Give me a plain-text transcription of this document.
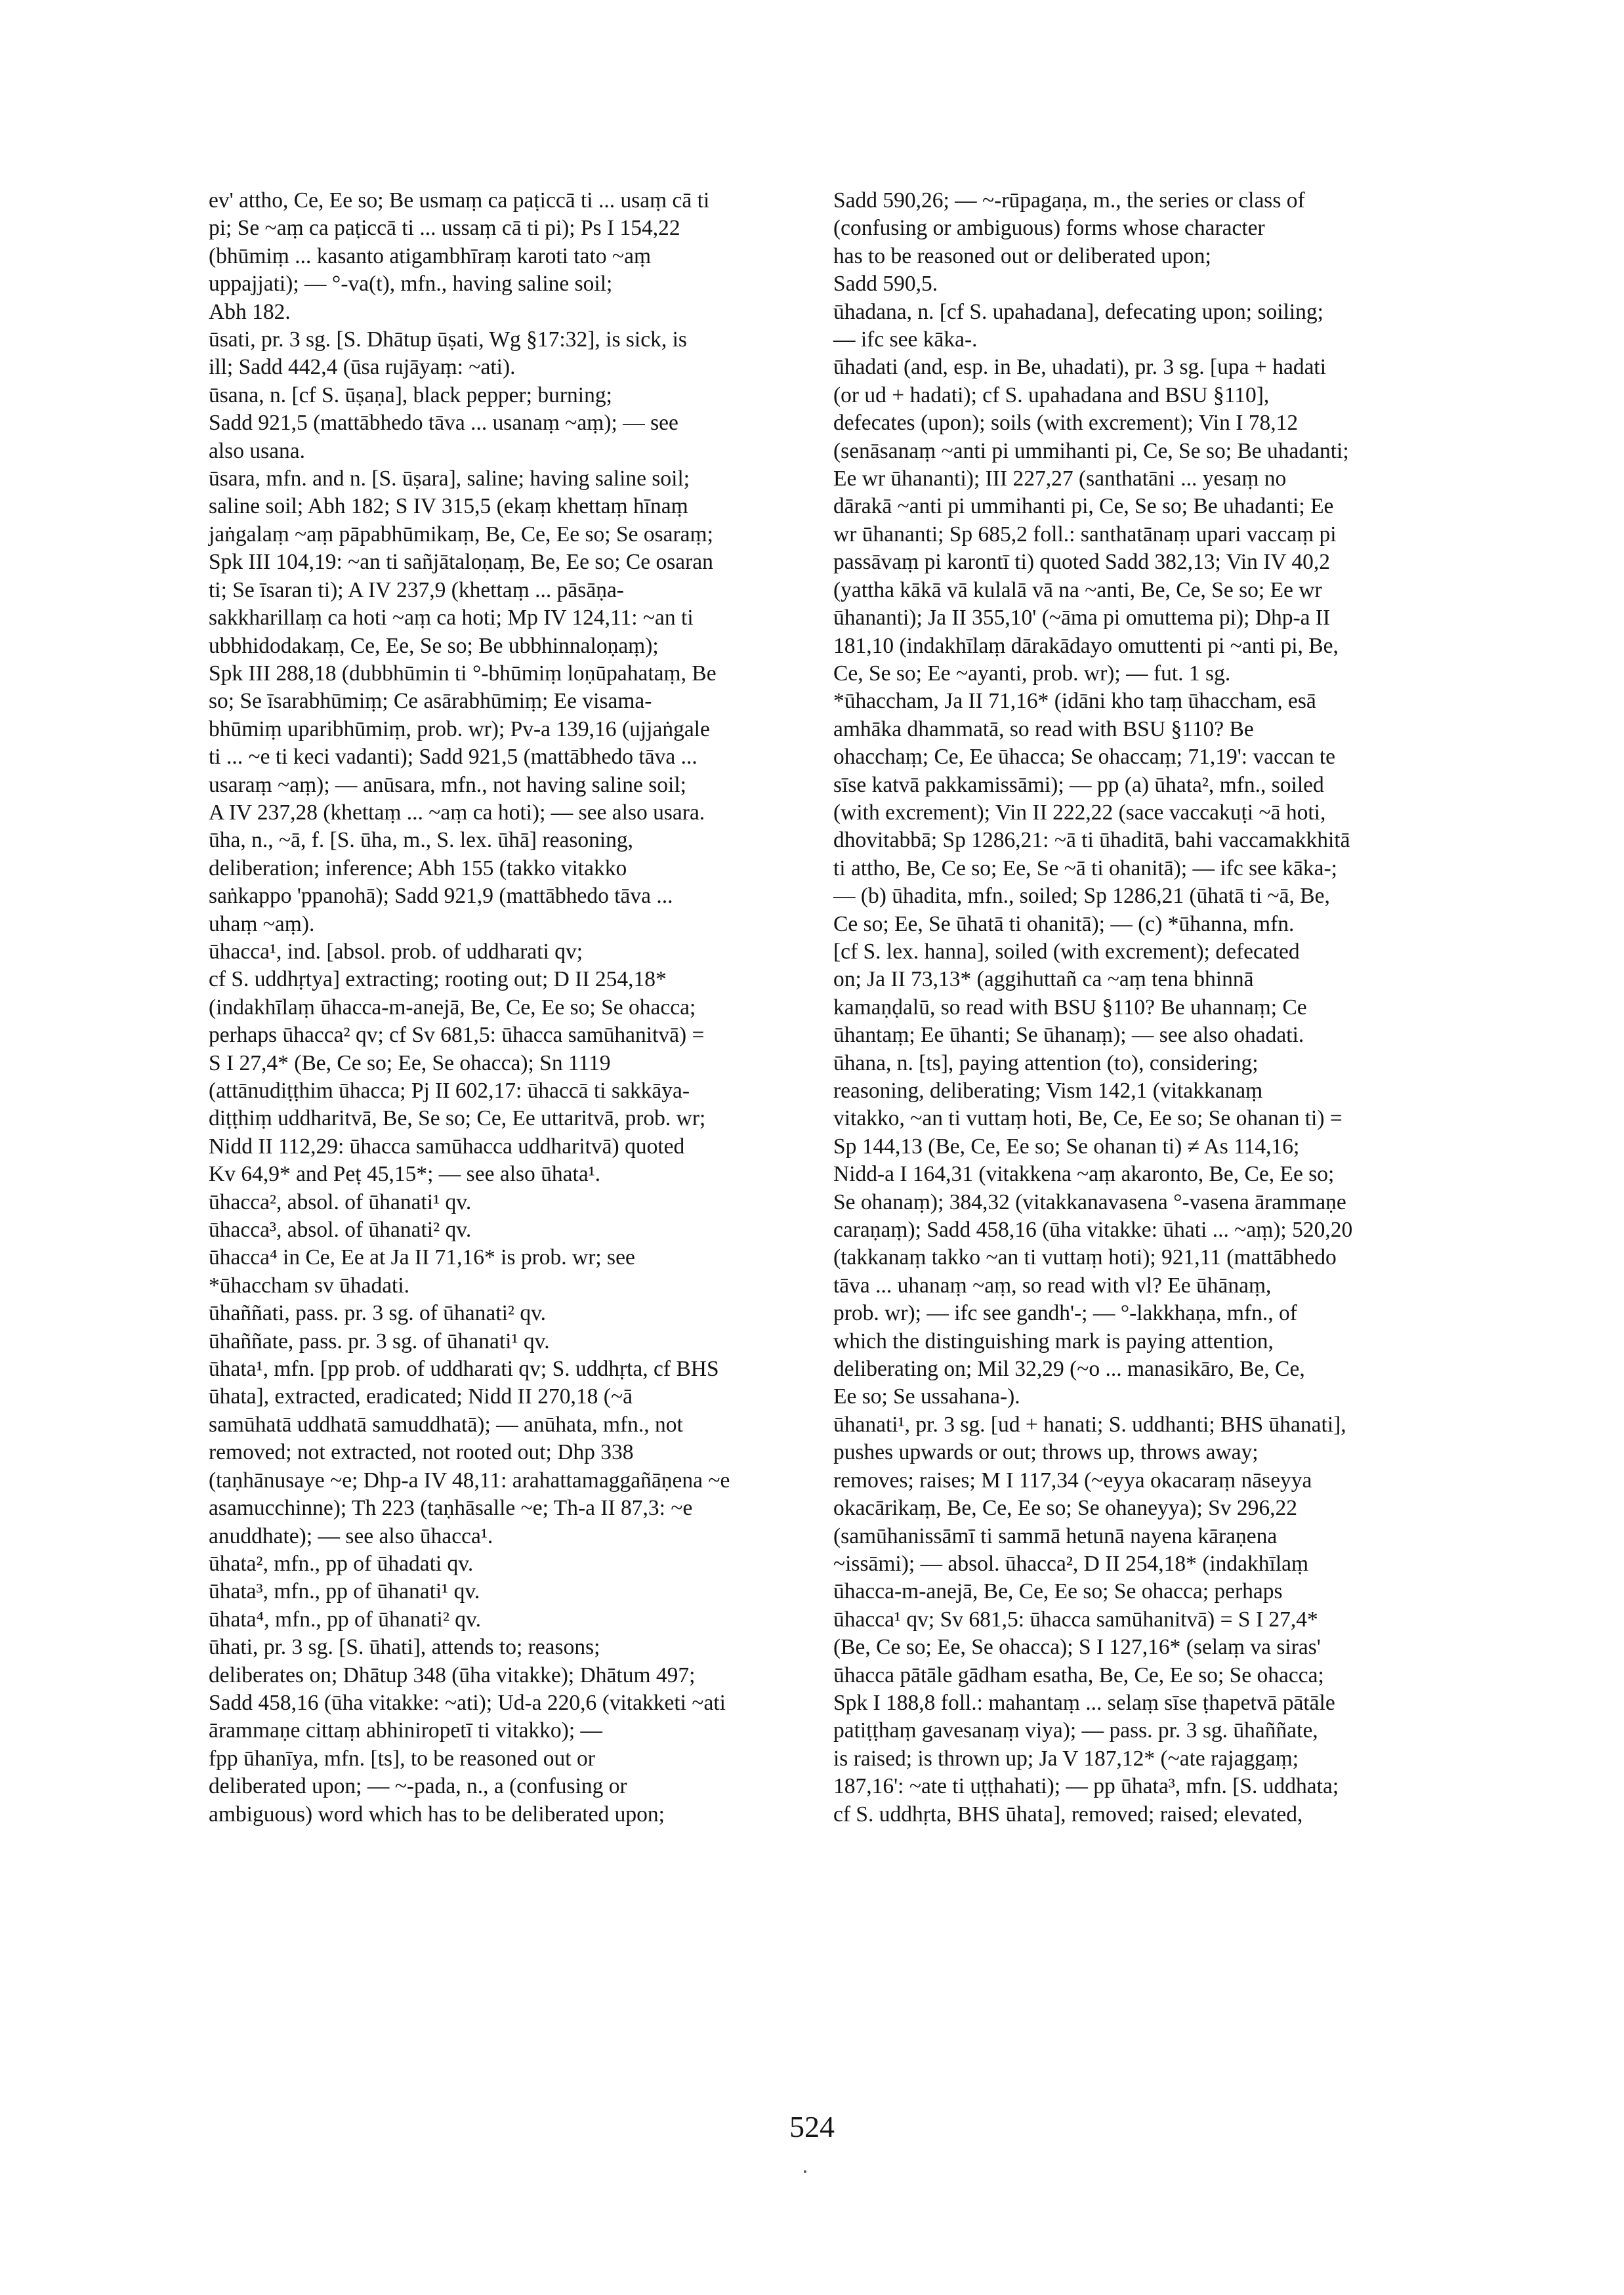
ev' attho, Ce, Ee so; Be usmaṃ ca paṭiccā ti ... usaṃ cā ti
pi; Se ~aṃ ca paṭiccā ti ... ussaṃ cā ti pi); Ps I 154,22
(bhūmiṃ ... kasanto atigambhīraṃ karoti tato ~aṃ
uppajjati); — °-va(t), mfn., having saline soil;
Abh 182.

ūsati, pr. 3 sg. [S. Dhātup ūṣati, Wg §17:32], is sick, is
ill; Sadd 442,4 (ūsa rujāyaṃ: ~ati).

ūsana, n. [cf S. ūṣaṇa], black pepper; burning;
Sadd 921,5 (mattābhedo tāva ... usanaṃ ~aṃ); — see
also usana.

ūsara, mfn. and n. [S. ūṣara], saline; having saline soil;
saline soil; Abh 182; S IV 315,5 (ekaṃ khettaṃ hīnaṃ
jaṅgalaṃ ~aṃ pāpabhūmikaṃ, Be, Ce, Ee so; Se osaraṃ;
Spk III 104,19: ~an ti sañjātaloṇaṃ, Be, Ee so; Ce osaran
ti; Se īsaran ti); A IV 237,9 (khettaṃ ... pāsāṇa-
sakkharillaṃ ca hoti ~aṃ ca hoti; Mp IV 124,11: ~an ti
ubbhidodakaṃ, Ce, Ee, Se so; Be ubbhinnaloṇaṃ);
Spk III 288,18 (dubbhūmin ti °-bhūmiṃ loṇūpahataṃ, Be
so; Se īsarabhūmiṃ; Ce asārabhūmiṃ; Ee visama-
bhūmiṃ uparibhūmiṃ, prob. wr); Pv-a 139,16 (ujjaṅgale
ti ... ~e ti keci vadanti); Sadd 921,5 (mattābhedo tāva ...
usaraṃ ~aṃ); — anūsara, mfn., not having saline soil;
A IV 237,28 (khettaṃ ... ~aṃ ca hoti); — see also usara.

ūha, n., ~ā, f. [S. ūha, m., S. lex. ūhā] reasoning,
deliberation; inference; Abh 155 (takko vitakko
saṅkappo 'ppanohā); Sadd 921,9 (mattābhedo tāva ...
uhaṃ ~aṃ).

ūhacca¹, ind. [absol. prob. of uddharati qv;
cf S. uddhṛtya] extracting; rooting out; D II 254,18*
(indakhīlaṃ ūhacca-m-anejā, Be, Ce, Ee so; Se ohacca;
perhaps ūhacca² qv; cf Sv 681,5: ūhacca samūhanitvā) =
S I 27,4* (Be, Ce so; Ee, Se ohacca); Sn 1119
(attānudiṭṭhim ūhacca; Pj II 602,17: ūhaccā ti sakkāya-
diṭṭhiṃ uddharitvā, Be, Se so; Ce, Ee uttaritvā, prob. wr;
Nidd II 112,29: ūhacca samūhacca uddharitvā) quoted
Kv 64,9* and Peṭ 45,15*; — see also ūhata¹.

ūhacca², absol. of ūhanati¹ qv.

ūhacca³, absol. of ūhanati² qv.

ūhacca⁴ in Ce, Ee at Ja II 71,16* is prob. wr; see
*ūhaccham sv ūhadati.

ūhaññati, pass. pr. 3 sg. of ūhanati² qv.

ūhaññate, pass. pr. 3 sg. of ūhanati¹ qv.

ūhata¹, mfn. [pp prob. of uddharati qv; S. uddhṛta, cf BHS
ūhata], extracted, eradicated; Nidd II 270,18 (~ā
samūhatā uddhatā samuddhatā); — anūhata, mfn., not
removed; not extracted, not rooted out; Dhp 338
(taṇhānusaye ~e; Dhp-a IV 48,11: arahattamaggañāṇena ~e
asamucchinne); Th 223 (taṇhāsalle ~e; Th-a II 87,3: ~e
anuddhate); — see also ūhacca¹.

ūhata², mfn., pp of ūhadati qv.

ūhata³, mfn., pp of ūhanati¹ qv.

ūhata⁴, mfn., pp of ūhanati² qv.

ūhati, pr. 3 sg. [S. ūhati], attends to; reasons;
deliberates on; Dhātup 348 (ūha vitakke); Dhātum 497;
Sadd 458,16 (ūha vitakke: ~ati); Ud-a 220,6 (vitakketi ~ati
ārammaṇe cittaṃ abhiniropetī ti vitakko); —
fpp ūhanīya, mfn. [ts], to be reasoned out or
deliberated upon; — ~-pada, n., a (confusing or
ambiguous) word which has to be deliberated upon;

Sadd 590,26; — ~-rūpagaṇa, m., the series or class of
(confusing or ambiguous) forms whose character
has to be reasoned out or deliberated upon;
Sadd 590,5.

ūhadana, n. [cf S. upahadana], defecating upon; soiling;
— ifc see kāka-.

ūhadati (and, esp. in Be, uhadati), pr. 3 sg. [upa + hadati
(or ud + hadati); cf S. upahadana and BSU §110],
defecates (upon); soils (with excrement); Vin I 78,12
(senāsanaṃ ~anti pi ummihanti pi, Ce, Se so; Be uhadanti;
Ee wr ūhananti); III 227,27 (santhatāni ... yesaṃ no
dārakā ~anti pi ummihanti pi, Ce, Se so; Be uhadanti; Ee
wr ūhananti; Sp 685,2 foll.: santhatānaṃ upari vaccaṃ pi
passāvaṃ pi karontī ti) quoted Sadd 382,13; Vin IV 40,2
(yattha kākā vā kulalā vā na ~anti, Be, Ce, Se so; Ee wr
ūhananti); Ja II 355,10' (~āma pi omuttema pi); Dhp-a II
181,10 (indakhīlaṃ dārakādayo omuttenti pi ~anti pi, Be,
Ce, Se so; Ee ~ayanti, prob. wr); — fut. 1 sg.
*ūhaccham, Ja II 71,16* (idāni kho taṃ ūhaccham, esā
amhāka dhammatā, so read with BSU §110? Be
ohacchaṃ; Ce, Ee ūhacca; Se ohaccaṃ; 71,19': vaccan te
sīse katvā pakkamissāmi); — pp (a) ūhata², mfn., soiled
(with excrement); Vin II 222,22 (sace vaccakuṭi ~ā hoti,
dhovitabbā; Sp 1286,21: ~ā ti ūhaditā, bahi vaccamakkhitā
ti attho, Be, Ce so; Ee, Se ~ā ti ohanitā); — ifc see kāka-;
— (b) ūhadita, mfn., soiled; Sp 1286,21 (ūhatā ti ~ā, Be,
Ce so; Ee, Se ūhatā ti ohanitā); — (c) *ūhanna, mfn.
[cf S. lex. hanna], soiled (with excrement); defecated
on; Ja II 73,13* (aggihuttañ ca ~aṃ tena bhinnā
kamaṇḍalū, so read with BSU §110? Be uhannaṃ; Ce
ūhantaṃ; Ee ūhanti; Se ūhanaṃ); — see also ohadati.

ūhana, n. [ts], paying attention (to), considering;
reasoning, deliberating; Vism 142,1 (vitakkanaṃ
vitakko, ~an ti vuttaṃ hoti, Be, Ce, Ee so; Se ohanan ti) =
Sp 144,13 (Be, Ce, Ee so; Se ohanan ti) ≠ As 114,16;
Nidd-a I 164,31 (vitakkena ~aṃ akaronto, Be, Ce, Ee so;
Se ohanaṃ); 384,32 (vitakkanavasena °-vasena ārammaṇe
caraṇaṃ); Sadd 458,16 (ūha vitakke: ūhati ... ~aṃ); 520,20
(takkanaṃ takko ~an ti vuttaṃ hoti); 921,11 (mattābhedo
tāva ... uhanaṃ ~aṃ, so read with vl? Ee ūhānaṃ,
prob. wr); — ifc see gandh'-; — °-lakkhaṇa, mfn., of
which the distinguishing mark is paying attention,
deliberating on; Mil 32,29 (~o ... manasikāro, Be, Ce,
Ee so; Se ussahana-).

ūhanati¹, pr. 3 sg. [ud + hanati; S. uddhanti; BHS ūhanati],
pushes upwards or out; throws up, throws away;
removes; raises; M I 117,34 (~eyya okacaraṃ nāseyya
okacārikaṃ, Be, Ce, Ee so; Se ohaneyya); Sv 296,22
(samūhanissāmī ti sammā hetunā nayena kāraṇena
~issāmi); — absol. ūhacca², D II 254,18* (indakhīlaṃ
ūhacca-m-anejā, Be, Ce, Ee so; Se ohacca; perhaps
ūhacca¹ qv; Sv 681,5: ūhacca samūhanitvā) = S I 27,4*
(Be, Ce so; Ee, Se ohacca); S I 127,16* (selaṃ va siras'
ūhacca pātāle gādham esatha, Be, Ce, Ee so; Se ohacca;
Spk I 188,8 foll.: mahantaṃ ... selaṃ sīse ṭhapetvā pātāle
patiṭṭhaṃ gavesanaṃ viya); — pass. pr. 3 sg. ūhaññate,
is raised; is thrown up; Ja V 187,12* (~ate rajaggaṃ;
187,16': ~ate ti uṭṭhahati); — pp ūhata³, mfn. [S. uddhata;
cf S. uddhṛta, BHS ūhata], removed; raised; elevated,

524
